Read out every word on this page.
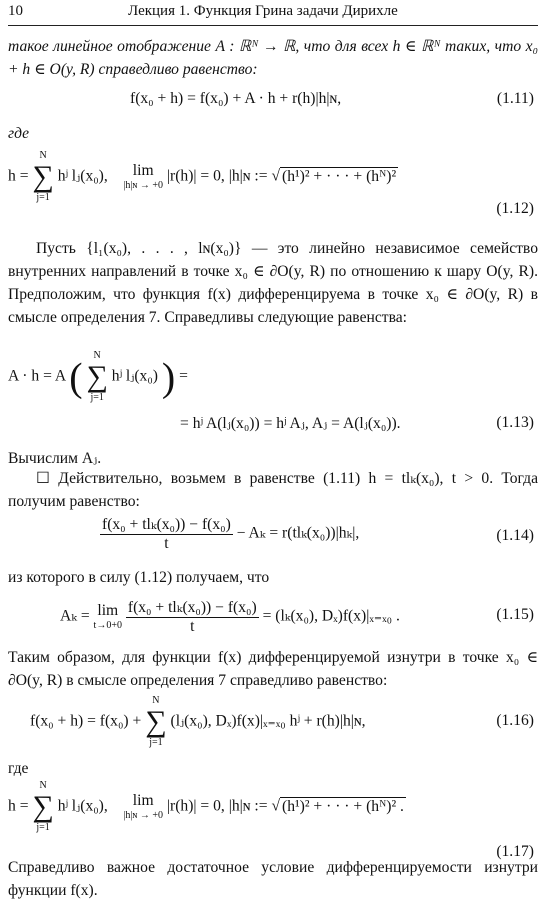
10	Лекция 1. Функция Грина задачи Дирихле
такое линейное отображение A : ℝᴺ → ℝ, что для всех h ∈ ℝᴺ таких, что x₀ + h ∈ O(y, R) справедливо равенство:
f(x₀ + h) = f(x₀) + A · h + r(h)|h|ɴ,	(1.11)
где
h =
N
∑
j=1
hʲ lⱼ(x₀),	lim
|h|ɴ → +0
|r(h)| = 0, |h|ɴ := √ (h¹)² + · · · + (hᴺ)²
(1.12)
Пусть {l₁(x₀), . . . , lɴ(x₀)} — это линейно независимое семейство внутренних направлений в точке x₀ ∈ ∂O(y, R) по отношению к шару O(y, R). Предположим, что функция f(x) дифференцируема в точке x₀ ∈ ∂O(y, R) в смысле определения 7. Справедливы следующие равенства:
A · h = A (	N
∑
j=1
hʲ lⱼ(x₀) ) =
= hʲ A(lⱼ(x₀)) = hʲ Aⱼ, Aⱼ = A(lⱼ(x₀)).	(1.13)
Вычислим Aⱼ.
☐ Действительно, возьмем в равенстве (1.11) h = tlₖ(x₀), t > 0. Тогда получим равенство:
$\frac{\text{f(x₀ + tlₖ(x₀)) − f(x₀)}}{t} - A_k = r(tl_k(x_0))|h_k|$,	(1.14)
из которого в силу (1.12) получаем, что
Aₖ = lim
t→0+0
$\frac{\text{f(x₀ + tlₖ(x₀)) − f(x₀)}}{t} = (l_k(x_0)$, Dₓ)f(x)|ₓ₌ₓ₀ .	(1.15)
Таким образом, для функции f(x) дифференцируемой изнутри в точке x₀ ∈ ∂O(y, R) в смысле определения 7 справедливо равенство:
f(x₀ + h) = f(x₀) +
N
∑
j=1
(lⱼ(x₀), Dₓ)f(x)|ₓ₌ₓ₀ hʲ + r(h)|h|ɴ,	(1.16)
где
h =
N
∑
j=1
hʲ lⱼ(x₀),	lim
|h|ɴ → +0
|r(h)| = 0, |h|ɴ := √ (h¹)² + · · · + (hᴺ)² .
(1.17)
Справедливо важное достаточное условие дифференцируемости изнутри функции f(x).
